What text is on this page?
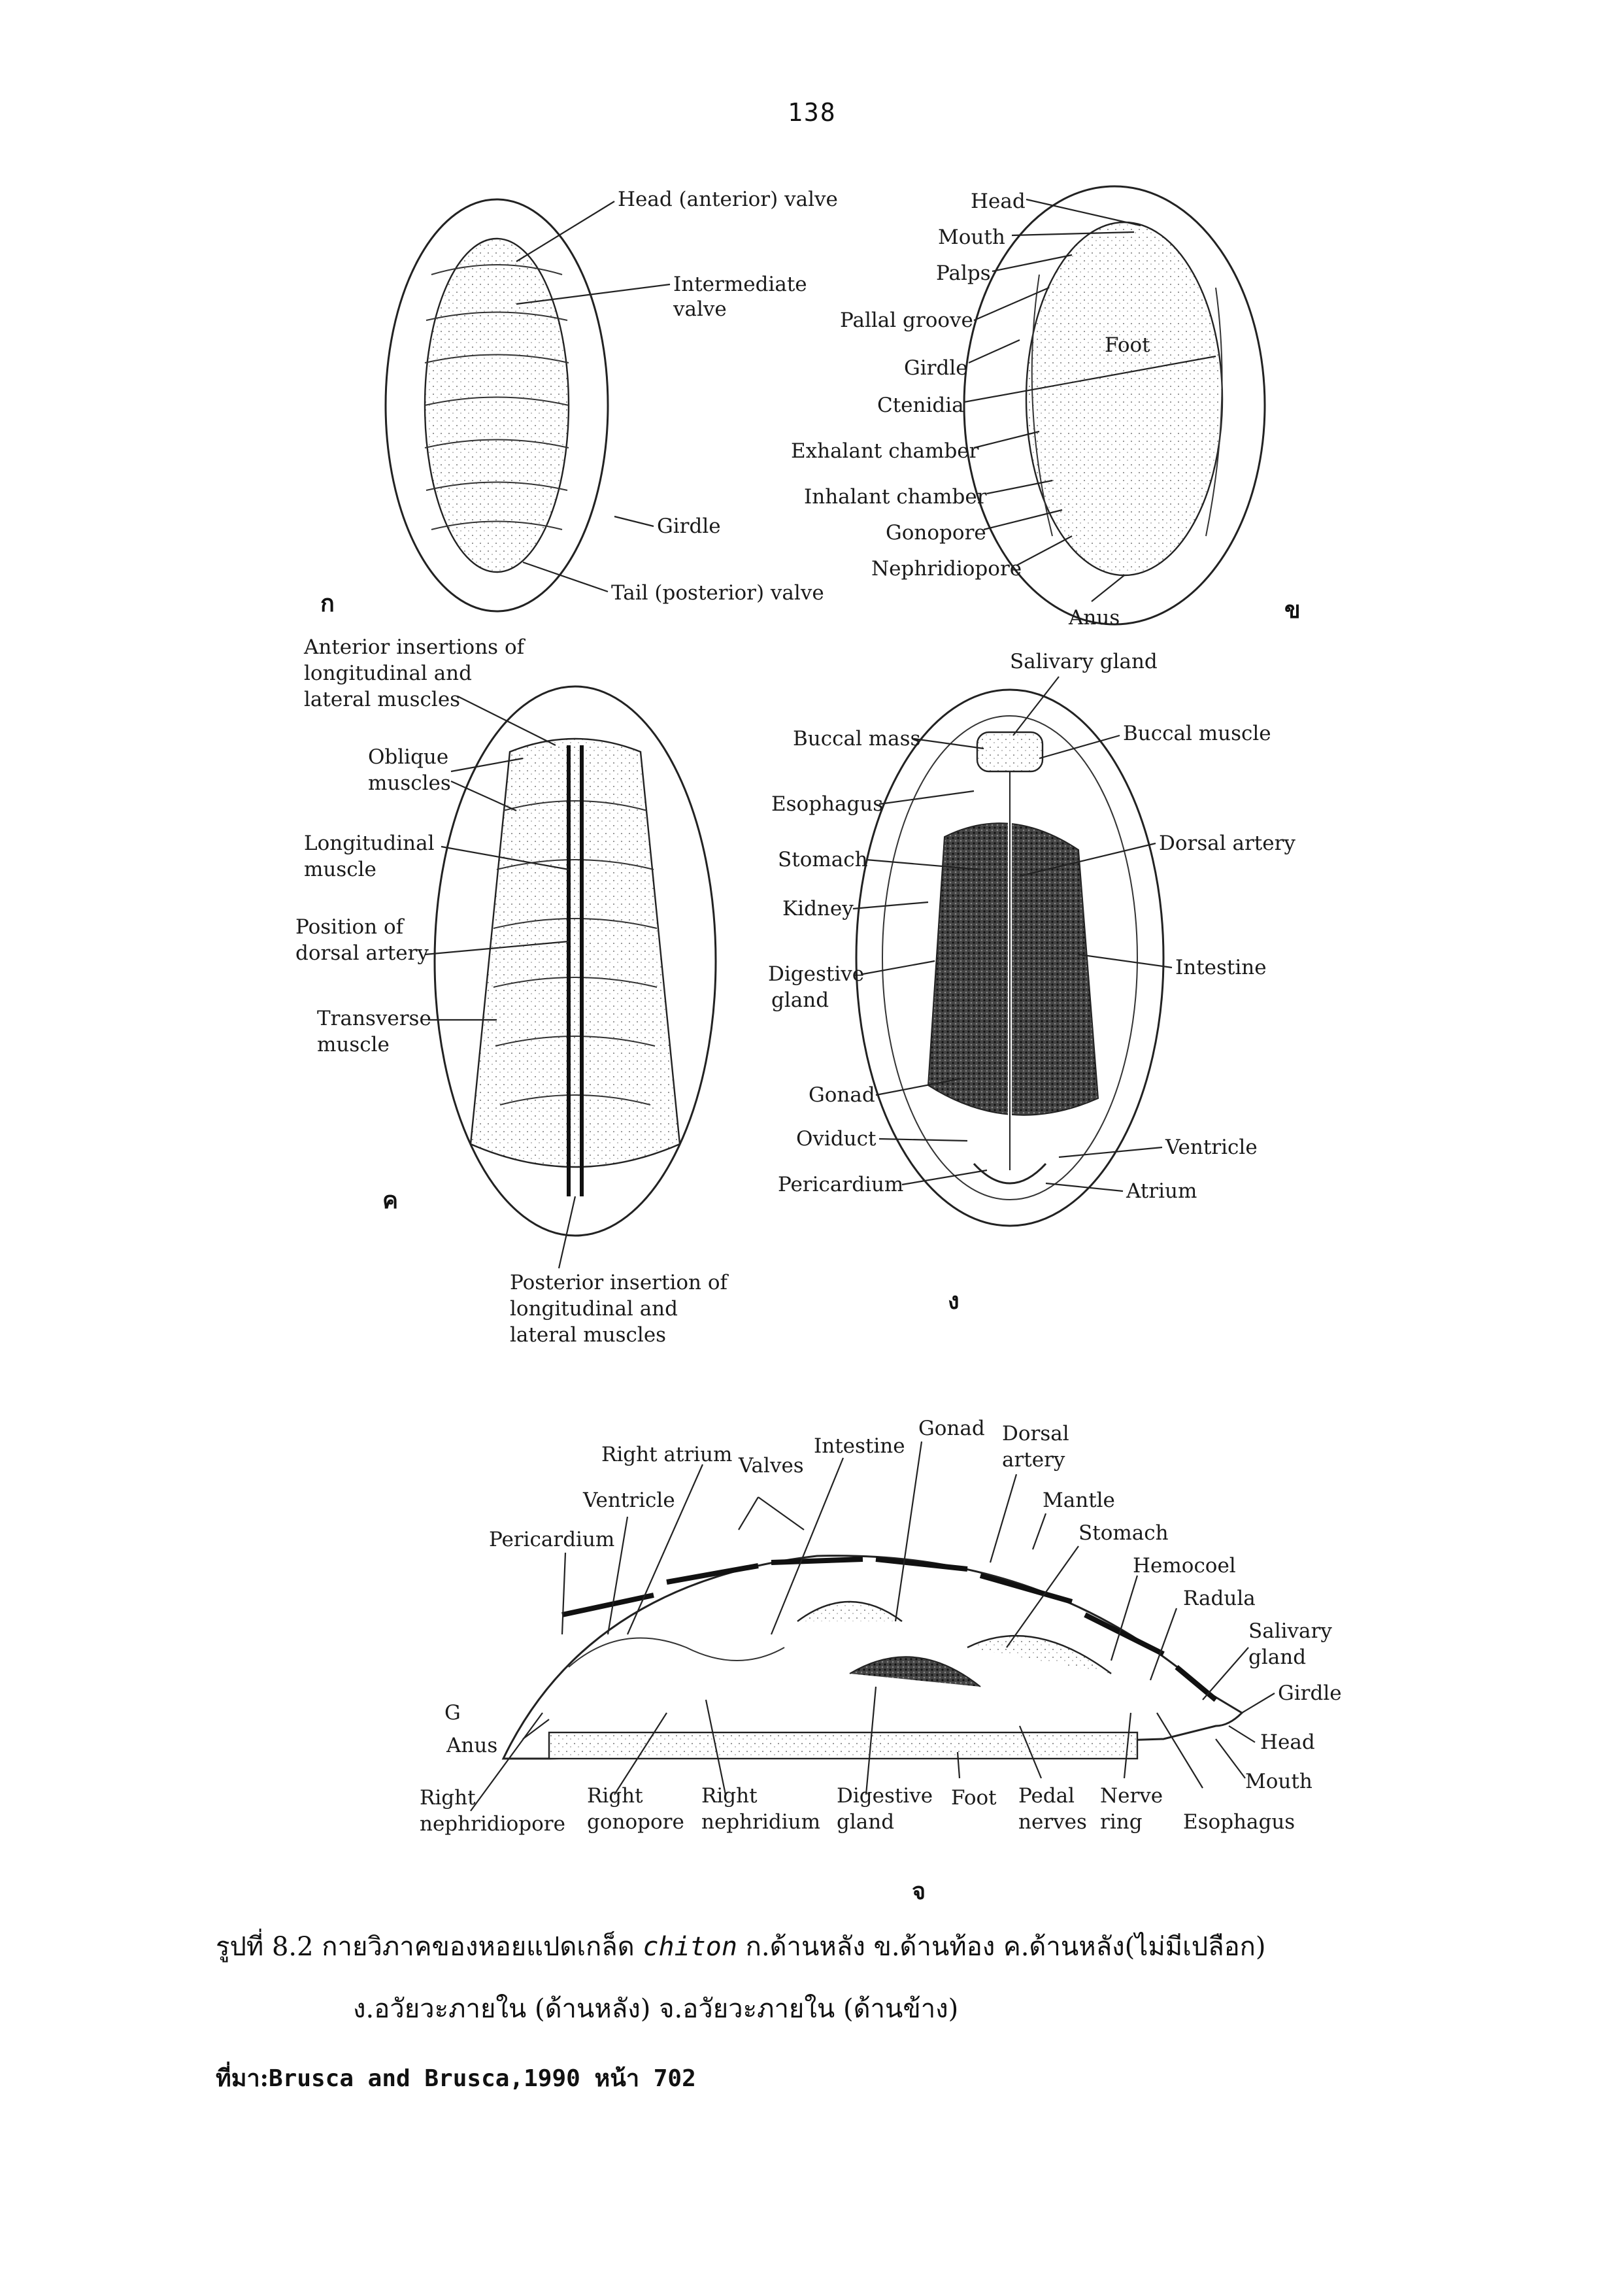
138
Head (anterior) valve
Intermediate
valve
Girdle
Tail (posterior) valve
ก
Head
Mouth
Palps
Pallal groove
Girdle
Foot
Ctenidia
Exhalant chamber
Inhalant chamber
Gonopore
Nephridiopore
Anus	ข
Anterior insertions of
longitudinal and
lateral muscles
Oblique
muscles
Longitudinal
muscle
Position of
dorsal artery
Transverse
muscle
Posterior insertion of
longitudinal and
lateral muscles
ค
Salivary gland
Buccal mass	Buccal muscle
Esophagus
Dorsal artery
Stomach
Kidney
Intestine
Digestive
gland
Gonad
Oviduct	Ventricle
Pericardium	Atrium
ง
Gonad Dorsal
artery
Intestine
Right atrium Valves
Ventricle	Mantle
Pericardium	Stomach
Hemocoel
Radula
Salivary
gland
Girdle
Head
Mouth
Anus
Right
nephridiopore
Right
gonopore
Right
nephridium
Digestive
gland
Foot Pedal
nerves
Nerve
ring Esophagus
G
จ
รูปที่ 8.2 กายวิภาคของหอยแปดเกล็ด chiton ก.ด้านหลัง ข.ด้านท้อง ค.ด้านหลัง(ไม่มีเปลือก)
ง.อวัยวะภายใน (ด้านหลัง) จ.อวัยวะภายใน (ด้านข้าง)
ที่มา:Brusca and Brusca,1990 หน้า 702
